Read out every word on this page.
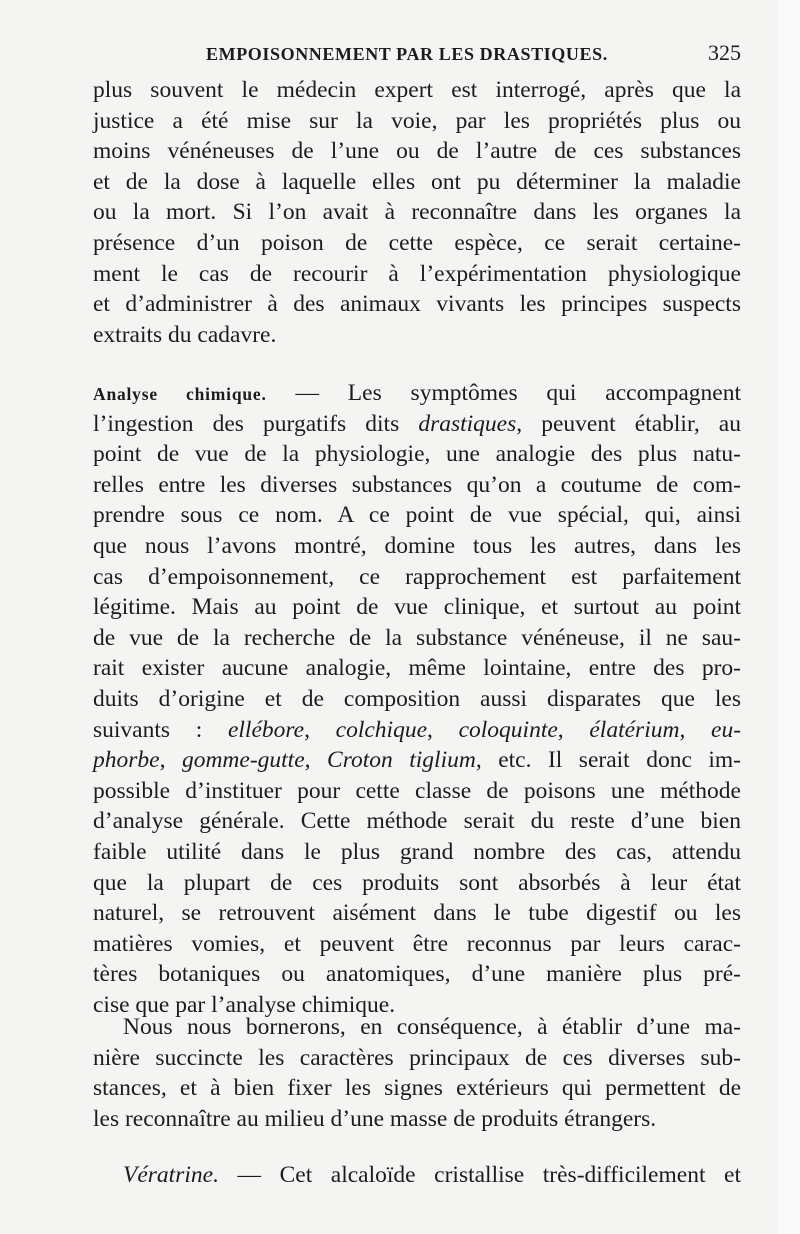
EMPOISONNEMENT PAR LES DRASTIQUES.	325
plus souvent le médecin expert est interrogé, après que la
justice a été mise sur la voie, par les propriétés plus ou
moins vénéneuses de l’une ou de l’autre de ces substances
et de la dose à laquelle elles ont pu déterminer la maladie
ou la mort. Si l’on avait à reconnaître dans les organes la
présence d’un poison de cette espèce, ce serait certaine-
ment le cas de recourir à l’expérimentation physiologique
et d’administrer à des animaux vivants les principes suspects
extraits du cadavre.
Analyse chimique. — Les symptômes qui accompagnent
l’ingestion des purgatifs dits drastiques, peuvent établir, au
point de vue de la physiologie, une analogie des plus natu-
relles entre les diverses substances qu’on a coutume de com-
prendre sous ce nom. A ce point de vue spécial, qui, ainsi
que nous l’avons montré, domine tous les autres, dans les
cas d’empoisonnement, ce rapprochement est parfaitement
légitime. Mais au point de vue clinique, et surtout au point
de vue de la recherche de la substance vénéneuse, il ne sau-
rait exister aucune analogie, même lointaine, entre des pro-
duits d’origine et de composition aussi disparates que les
suivants : ellébore, colchique, coloquinte, élatérium, eu-
phorbe, gomme-gutte, Croton tiglium, etc. Il serait donc im-
possible d’instituer pour cette classe de poisons une méthode
d’analyse générale. Cette méthode serait du reste d’une bien
faible utilité dans le plus grand nombre des cas, attendu
que la plupart de ces produits sont absorbés à leur état
naturel, se retrouvent aisément dans le tube digestif ou les
matières vomies, et peuvent être reconnus par leurs carac-
tères botaniques ou anatomiques, d’une manière plus pré-
cise que par l’analyse chimique.
Nous nous bornerons, en conséquence, à établir d’une ma-
nière succincte les caractères principaux de ces diverses sub-
stances, et à bien fixer les signes extérieurs qui permettent de
les reconnaître au milieu d’une masse de produits étrangers.
Vératrine. — Cet alcaloïde cristallise très-difficilement et
